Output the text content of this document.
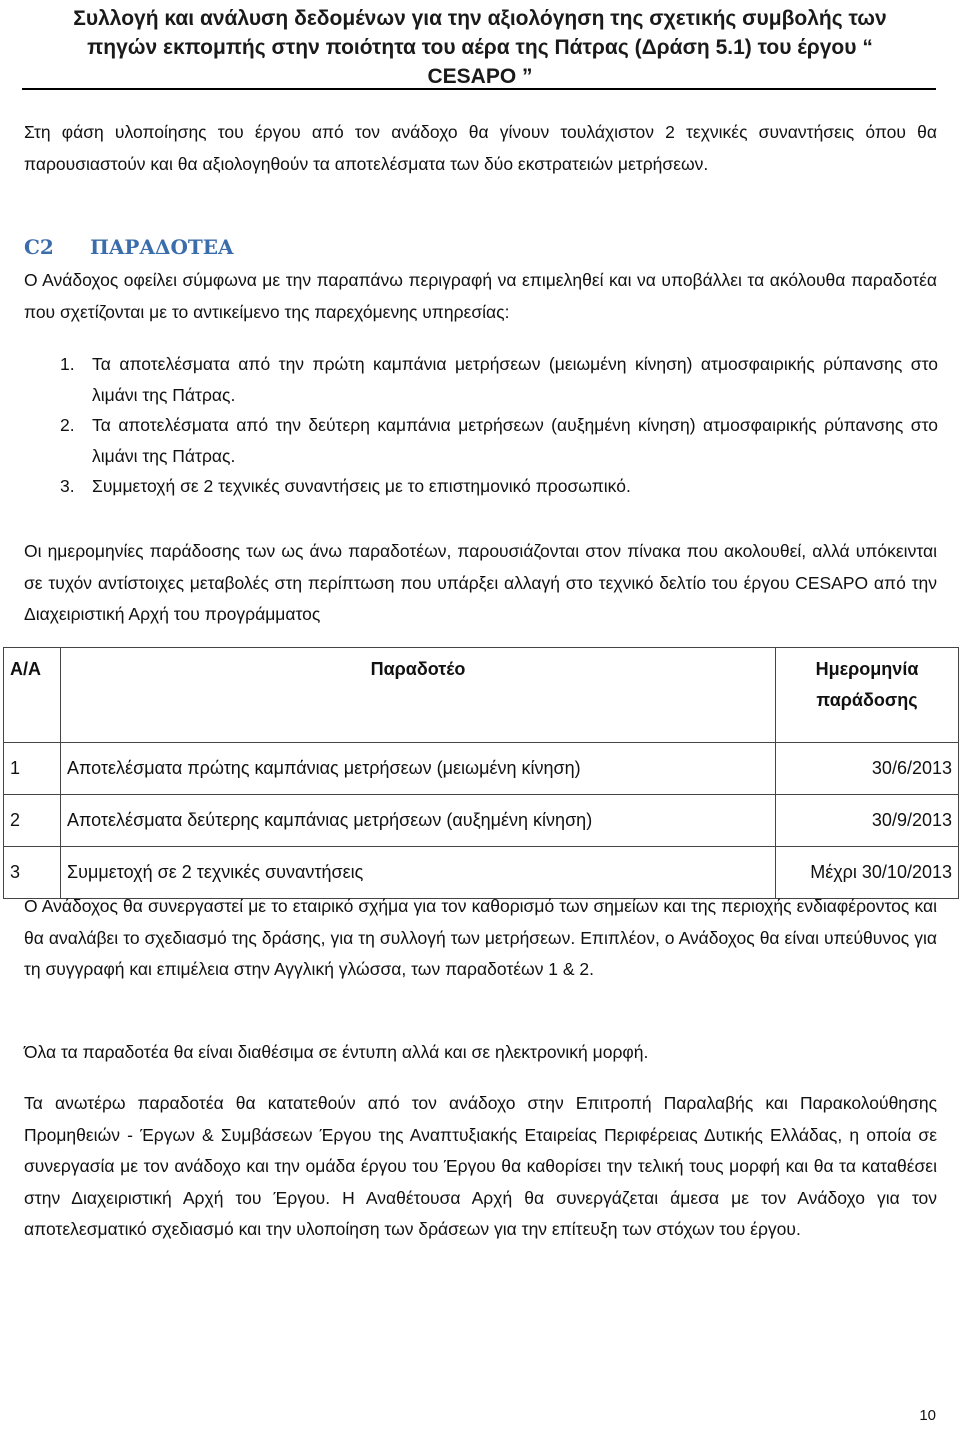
Συλλογή και ανάλυση δεδομένων για την αξιολόγηση της σχετικής συμβολής των
πηγών εκπομπής στην ποιότητα του αέρα της Πάτρας (Δράση 5.1) του έργου “
CESAPO ”

Στη φάση υλοποίησης του έργου από τον ανάδοχο θα γίνουν τουλάχιστον 2 τεχνικές συναντήσεις όπου θα παρουσιαστούν και θα αξιολογηθούν τα αποτελέσματα των δύο εκστρατειών μετρήσεων.

C2 ΠΑΡΑΔΟΤΕΑ

Ο Ανάδοχος οφείλει σύμφωνα με την παραπάνω περιγραφή να επιμεληθεί και να υποβάλλει τα ακόλουθα παραδοτέα που σχετίζονται με το αντικείμενο της παρεχόμενης υπηρεσίας:

1. Τα αποτελέσματα από την πρώτη καμπάνια μετρήσεων (μειωμένη κίνηση) ατμοσφαιρικής ρύπανσης στο λιμάνι της Πάτρας.
2. Τα αποτελέσματα από την δεύτερη καμπάνια μετρήσεων (αυξημένη κίνηση) ατμοσφαιρικής ρύπανσης στο λιμάνι της Πάτρας.
3. Συμμετοχή σε 2 τεχνικές συναντήσεις με το επιστημονικό προσωπικό.

Οι ημερομηνίες παράδοσης των ως άνω παραδοτέων, παρουσιάζονται στον πίνακα που ακολουθεί, αλλά υπόκεινται σε τυχόν αντίστοιχες μεταβολές στη περίπτωση που υπάρξει αλλαγή στο τεχνικό δελτίο του έργου CESAPO από την Διαχειριστική Αρχή του προγράμματος

Α/Α	Παραδοτέο	Ημερομηνία παράδοσης
1	Αποτελέσματα πρώτης καμπάνιας μετρήσεων (μειωμένη κίνηση)	30/6/2013
2	Αποτελέσματα δεύτερης καμπάνιας μετρήσεων (αυξημένη κίνηση)	30/9/2013
3	Συμμετοχή σε 2 τεχνικές συναντήσεις	Μέχρι 30/10/2013

Ο Ανάδοχος θα συνεργαστεί με το εταιρικό σχήμα για τον καθορισμό των σημείων και της περιοχής ενδιαφέροντος και θα αναλάβει το σχεδιασμό της δράσης, για τη συλλογή των μετρήσεων. Επιπλέον, ο Ανάδοχος θα είναι υπεύθυνος για τη συγγραφή και επιμέλεια στην Αγγλική γλώσσα, των παραδοτέων 1 & 2.

Όλα τα παραδοτέα θα είναι διαθέσιμα σε έντυπη αλλά και σε ηλεκτρονική μορφή.

Τα ανωτέρω παραδοτέα θα κατατεθούν από τον ανάδοχο στην Επιτροπή Παραλαβής και Παρακολούθησης Προμηθειών - Έργων & Συμβάσεων Έργου της Αναπτυξιακής Εταιρείας Περιφέρειας Δυτικής Ελλάδας, η οποία σε συνεργασία με τον ανάδοχο και την ομάδα έργου του Έργου θα καθορίσει την τελική τους μορφή και θα τα καταθέσει στην Διαχειριστική Αρχή του Έργου. Η Αναθέτουσα Αρχή θα συνεργάζεται άμεσα με τον Ανάδοχο για τον αποτελεσματικό σχεδιασμό και την υλοποίηση των δράσεων για την επίτευξη των στόχων του έργου.

10
